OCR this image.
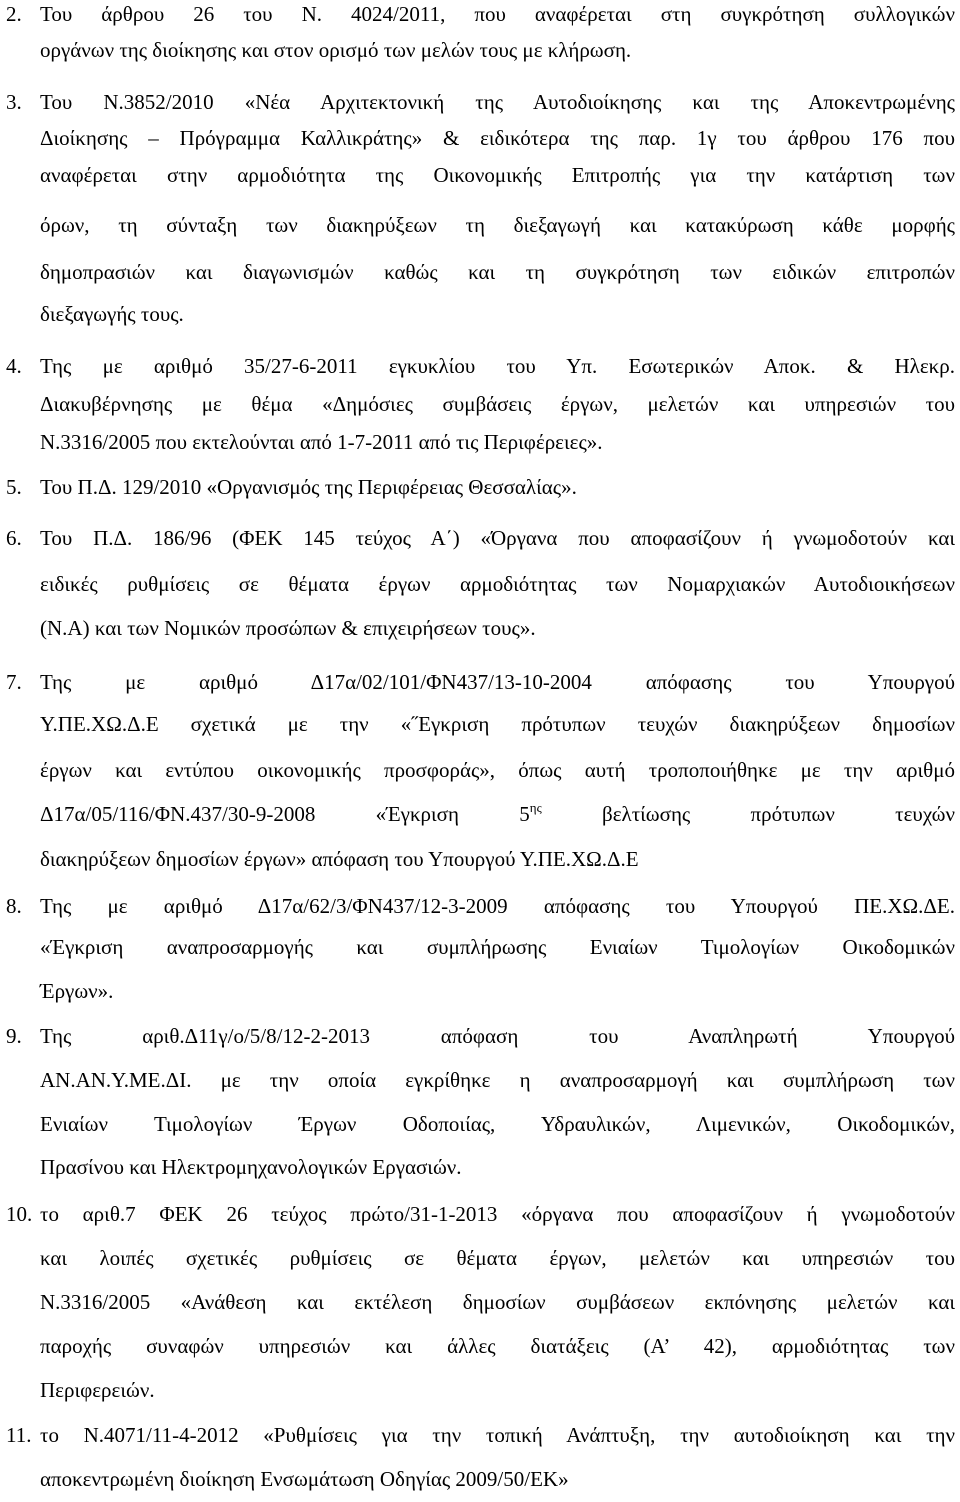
2. Του άρθρου 26 του Ν. 4024/2011, που αναφέρεται στη συγκρότηση συλλογικών
οργάνων της διοίκησης και στον ορισμό των μελών τους με κλήρωση.
3. Του Ν.3852/2010 «Νέα Αρχιτεκτονική της Αυτοδιοίκησης και της Αποκεντρωμένης
Διοίκησης – Πρόγραμμα Καλλικράτης» & ειδικότερα της παρ. 1γ του άρθρου 176 που
αναφέρεται στην αρμοδιότητα της Οικονομικής Επιτροπής για την κατάρτιση των
όρων, τη σύνταξη των διακηρύξεων τη διεξαγωγή και κατακύρωση κάθε μορφής
δημοπρασιών και διαγωνισμών καθώς και τη συγκρότηση των ειδικών επιτροπών
διεξαγωγής τους.
4. Της με αριθμό 35/27-6-2011 εγκυκλίου του Υπ. Εσωτερικών Αποκ. & Ηλεκρ.
Διακυβέρνησης με θέμα «Δημόσιες συμβάσεις έργων, μελετών και υπηρεσιών του
Ν.3316/2005 που εκτελούνται από 1-7-2011 από τις Περιφέρειες».
5. Του Π.Δ. 129/2010 «Οργανισμός της Περιφέρειας Θεσσαλίας».
6. Του Π.Δ. 186/96 (ΦΕΚ 145 τεύχος Α΄) «Όργανα που αποφασίζουν ή γνωμοδοτούν και
ειδικές ρυθμίσεις σε θέματα έργων αρμοδιότητας των Νομαρχιακών Αυτοδιοικήσεων
(Ν.Α) και των Νομικών προσώπων & επιχειρήσεων τους».
7. Της με αριθμό Δ17α/02/101/ΦΝ437/13-10-2004 απόφασης του Υπουργού
Υ.ΠΕ.ΧΩ.Δ.Ε σχετικά με την «˝Εγκριση πρότυπων τευχών διακηρύξεων δημοσίων
έργων και εντύπου οικονομικής προσφοράς», όπως αυτή τροποποιήθηκε με την αριθμό
Δ17α/05/116/ΦΝ.437/30-9-2008 «Έγκριση $5^{\eta\varsigma}$ βελτίωσης πρότυπων τευχών
διακηρύξεων δημοσίων έργων» απόφαση του Υπουργού Υ.ΠΕ.ΧΩ.Δ.Ε
8. Της με αριθμό Δ17α/62/3/ΦΝ437/12-3-2009 απόφασης του Υπουργού ΠΕ.ΧΩ.ΔΕ.
«Έγκριση αναπροσαρμογής και συμπλήρωσης Ενιαίων Τιμολογίων Οικοδομικών
Έργων».
9. Της αριθ.Δ11γ/ο/5/8/12-2-2013 απόφαση του Αναπληρωτή Υπουργού
ΑΝ.ΑΝ.Υ.ΜΕ.ΔΙ. με την οποία εγκρίθηκε η αναπροσαρμογή και συμπλήρωση των
Ενιαίων Τιμολογίων Έργων Οδοποιίας, Υδραυλικών, Λιμενικών, Οικοδομικών,
Πρασίνου και Ηλεκτρομηχανολογικών Εργασιών.
10. το αριθ.7 ΦΕΚ 26 τεύχος πρώτο/31-1-2013 «όργανα που αποφασίζουν ή γνωμοδοτούν
και λοιπές σχετικές ρυθμίσεις σε θέματα έργων, μελετών και υπηρεσιών του
Ν.3316/2005 «Ανάθεση και εκτέλεση δημοσίων συμβάσεων εκπόνησης μελετών και
παροχής συναφών υπηρεσιών και άλλες διατάξεις (Α’ 42), αρμοδιότητας των
Περιφερειών.
11. το Ν.4071/11-4-2012 «Ρυθμίσεις για την τοπική Ανάπτυξη, την αυτοδιοίκηση και την
αποκεντρωμένη διοίκηση Ενσωμάτωση Οδηγίας 2009/50/ΕΚ»
